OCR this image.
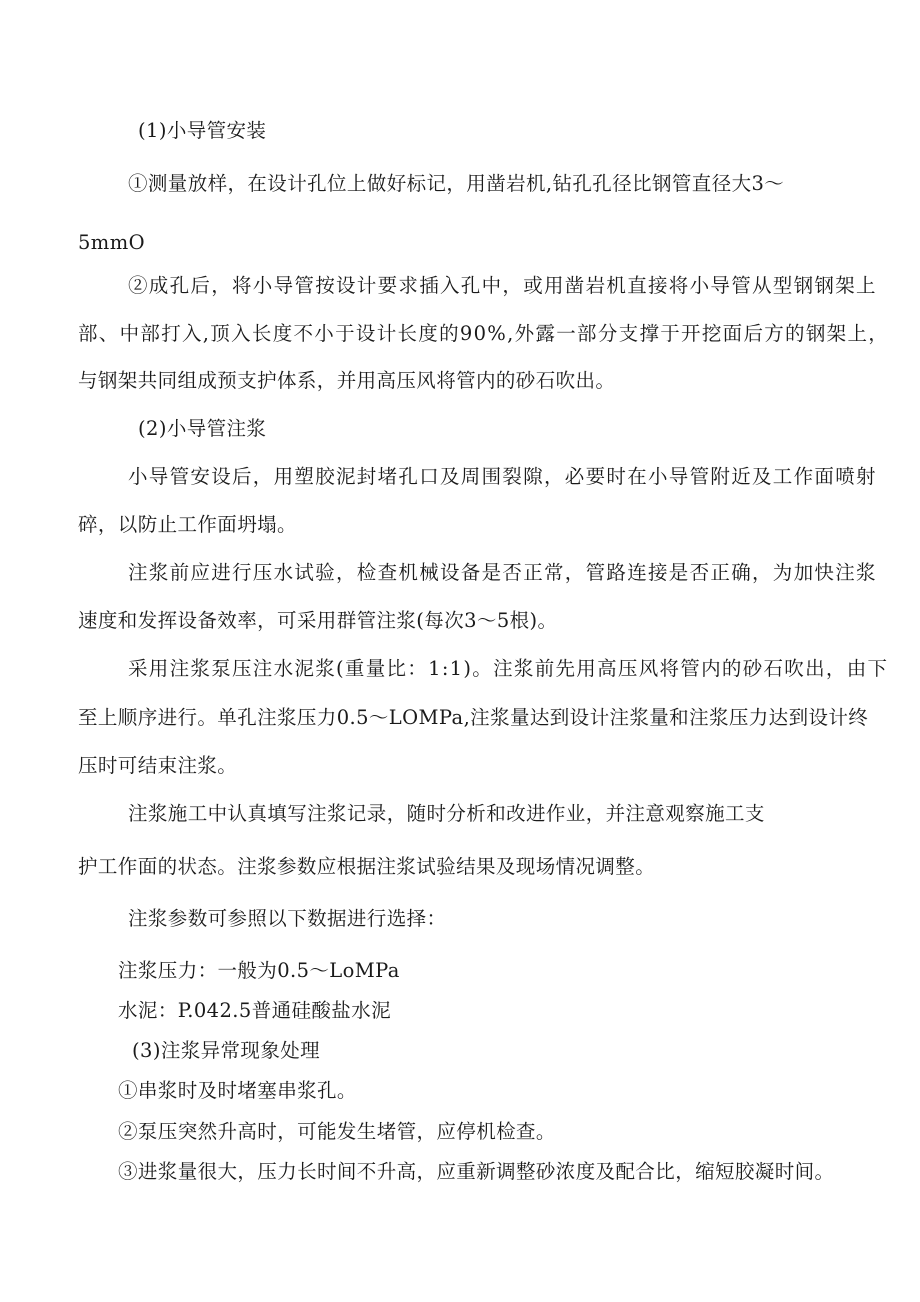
(1)小导管安装
①测量放样，在设计孔位上做好标记，用凿岩机,钻孔孔径比钢管直径大3～
5mmO
②成孔后，将小导管按设计要求插入孔中，或用凿岩机直接将小导管从型钢钢架上
部、中部打入,顶入长度不小于设计长度的90%,外露一部分支撑于开挖面后方的钢架上，
与钢架共同组成预支护体系，并用高压风将管内的砂石吹出。
(2)小导管注浆
小导管安设后，用塑胶泥封堵孔口及周围裂隙，必要时在小导管附近及工作面喷射
碎，以防止工作面坍塌。
注浆前应进行压水试验，检查机械设备是否正常，管路连接是否正确，为加快注浆
速度和发挥设备效率，可采用群管注浆(每次3～5根)。
采用注浆泵压注水泥浆(重量比：1:1)。注浆前先用高压风将管内的砂石吹出，由下
至上顺序进行。单孔注浆压力0.5～LOMPa,注浆量达到设计注浆量和注浆压力达到设计终
压时可结束注浆。
注浆施工中认真填写注浆记录，随时分析和改进作业，并注意观察施工支
护工作面的状态。注浆参数应根据注浆试验结果及现场情况调整。
注浆参数可参照以下数据进行选择：
注浆压力：一般为0.5～LoMPa
水泥：P.042.5普通硅酸盐水泥
(3)注浆异常现象处理
①串浆时及时堵塞串浆孔。
②泵压突然升高时，可能发生堵管，应停机检查。
③进浆量很大，压力长时间不升高，应重新调整砂浓度及配合比，缩短胶凝时间。
